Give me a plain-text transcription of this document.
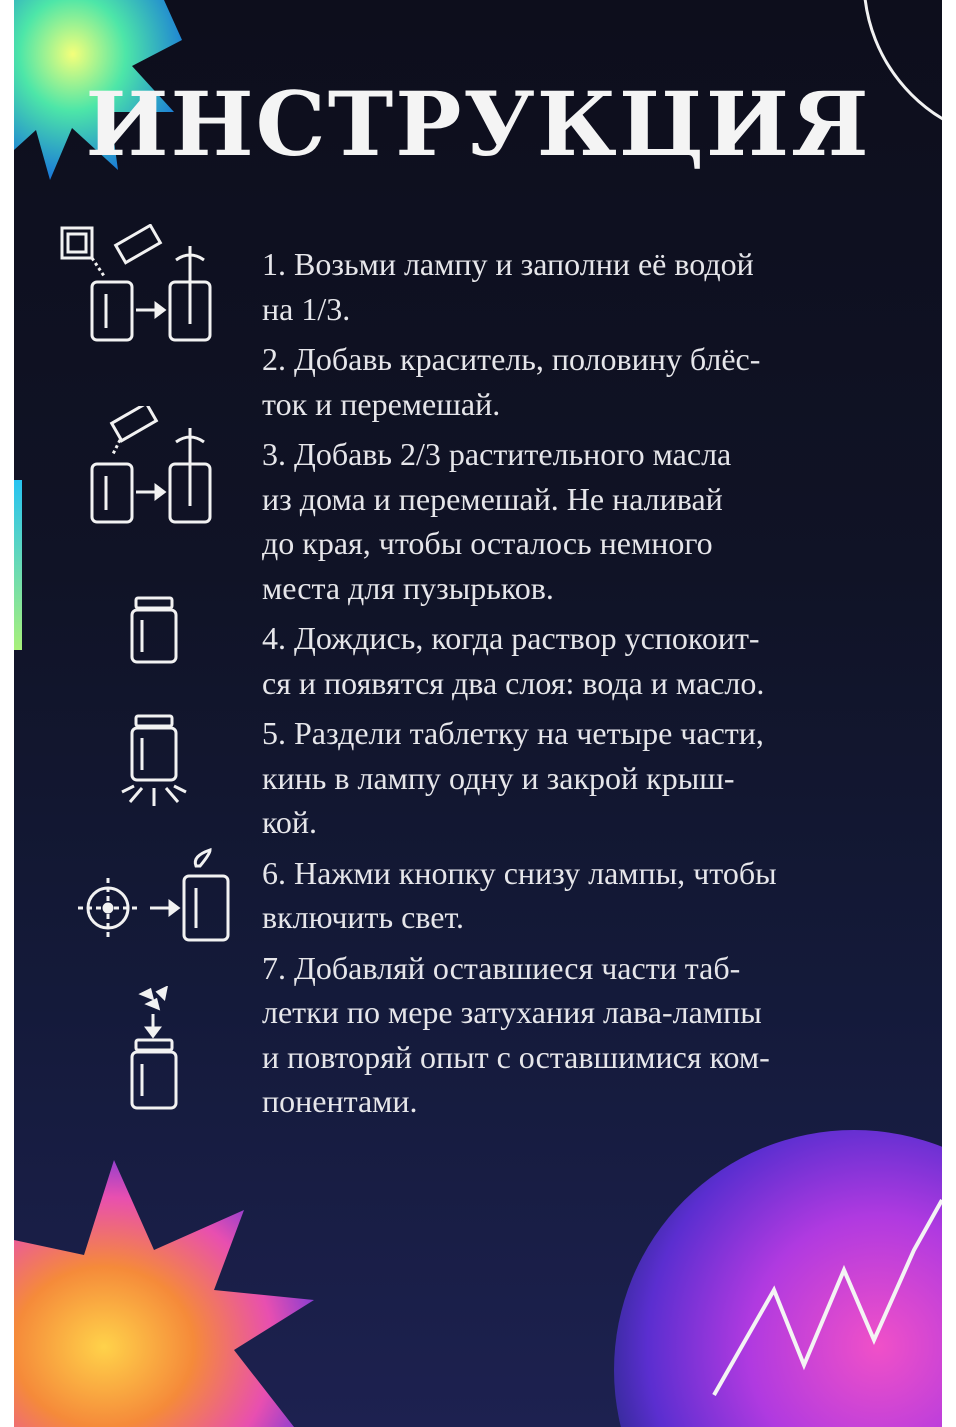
ИНСТРУКЦИЯ
1. Возьми лампу и заполни её водой
на 1/3.
2. Добавь краситель, половину блёс-
ток и перемешай.
3. Добавь 2/3 растительного масла
из дома и перемешай. Не наливай
до края, чтобы осталось немного
места для пузырьков.
4. Дождись, когда раствор успокоит-
ся и появятся два слоя: вода и масло.
5. Раздели таблетку на четыре части,
кинь в лампу одну и закрой крыш-
кой.
6. Нажми кнопку снизу лампы, чтобы
включить свет.
7. Добавляй оставшиеся части таб-
летки по мере затухания лава-лампы
и повторяй опыт с оставшимися ком-
понентами.
